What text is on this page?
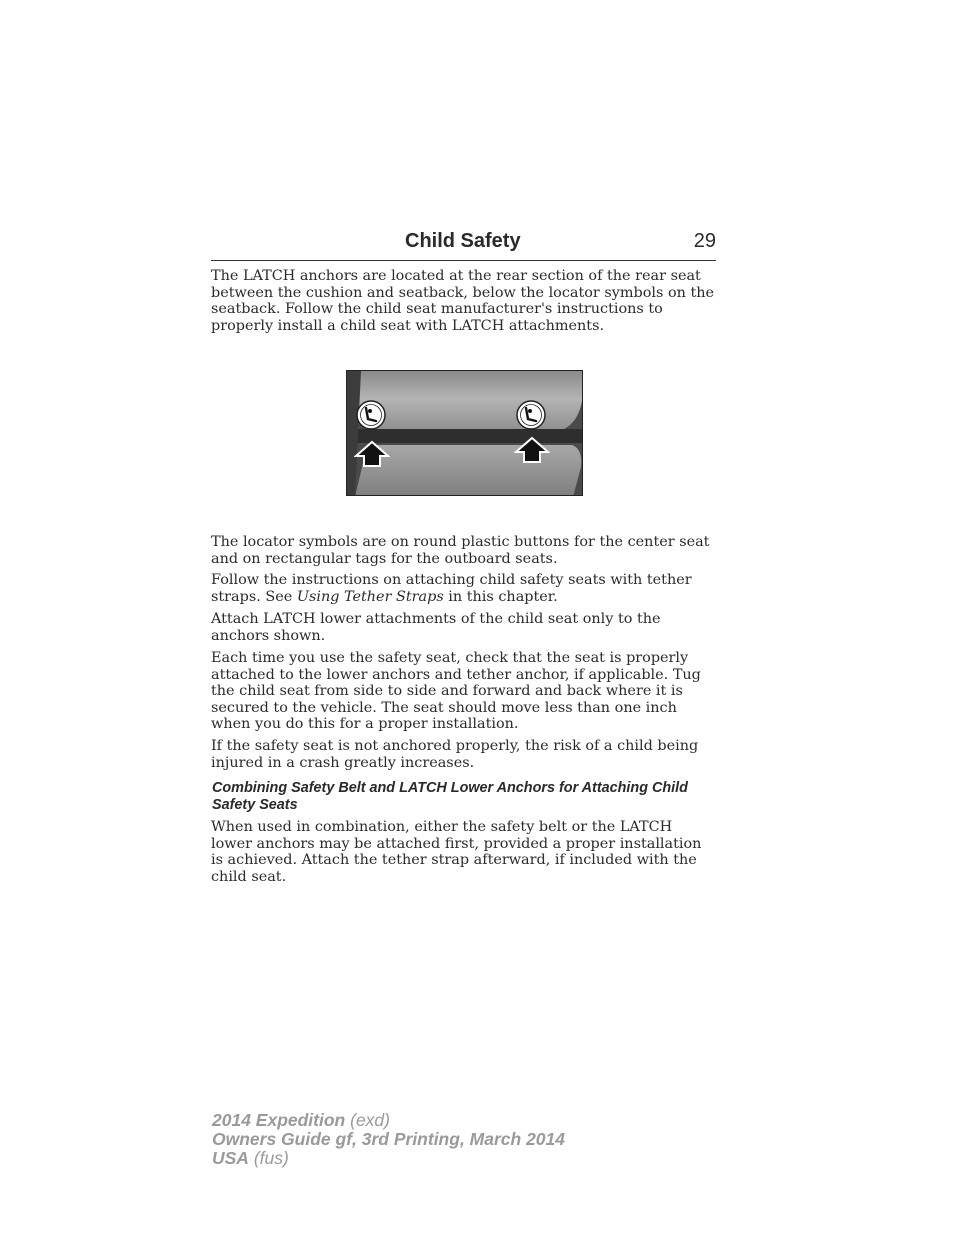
Child Safety	29

The LATCH anchors are located at the rear section of the rear seat between the cushion and seatback, below the locator symbols on the seatback. Follow the child seat manufacturer's instructions to properly install a child seat with LATCH attachments.

The locator symbols are on round plastic buttons for the center seat and on rectangular tags for the outboard seats.

Follow the instructions on attaching child safety seats with tether straps. See Using Tether Straps in this chapter.

Attach LATCH lower attachments of the child seat only to the anchors shown.

Each time you use the safety seat, check that the seat is properly attached to the lower anchors and tether anchor, if applicable. Tug the child seat from side to side and forward and back where it is secured to the vehicle. The seat should move less than one inch when you do this for a proper installation.

If the safety seat is not anchored properly, the risk of a child being injured in a crash greatly increases.

Combining Safety Belt and LATCH Lower Anchors for Attaching Child Safety Seats

When used in combination, either the safety belt or the LATCH lower anchors may be attached first, provided a proper installation is achieved. Attach the tether strap afterward, if included with the child seat.

2014 Expedition (exd)
Owners Guide gf, 3rd Printing, March 2014
USA (fus)
